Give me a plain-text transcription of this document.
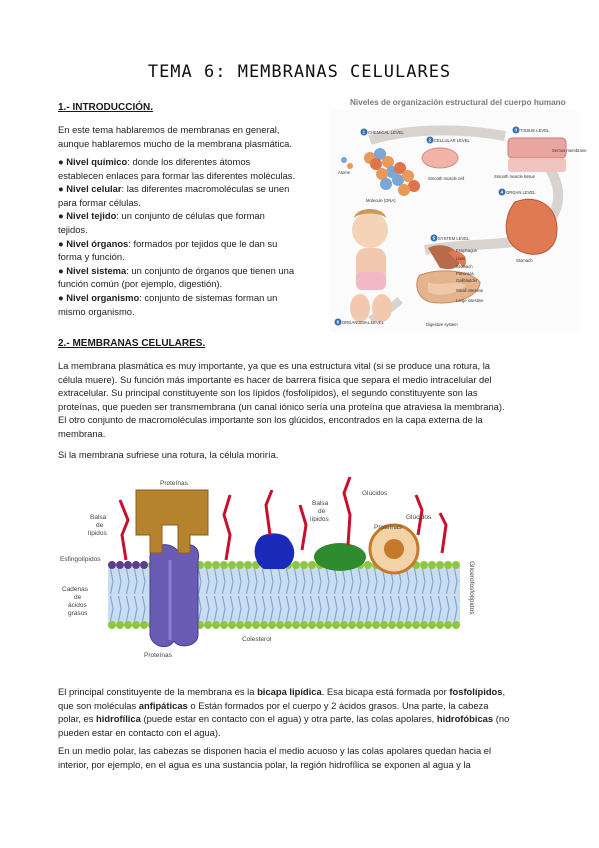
TEMA 6: MEMBRANAS CELULARES
1.- INTRODUCCIÓN.
En este tema hablaremos de membranas en general,
aunque hablaremos mucho de la membrana plasmática.
● Nivel químico: donde los diferentes átomos
establecen enlaces para formar las diferentes moléculas.
● Nivel celular: las diferentes macromoléculas se unen
para formar células.
● Nivel tejido: un conjunto de células que forman
tejidos.
● Nivel órganos: formados por tejidos que le dan su
forma y función.
● Nivel sistema: un conjunto de órganos que tienen una
función común (por ejemplo, digestión).
● Nivel organismo: conjunto de sistemas forman un
mismo organismo.
Niveles de organización estructural del cuerpo humano
CHEMICAL LEVEL
CELLULAR LEVEL
TISSUE LEVEL
ORGAN LEVEL
SYSTEM LEVEL
ORGANISMAL LEVEL
Atoms
Molecule (DNA)
Smooth muscle cell	Smooth muscle tissue
Serous membrane
Stomach
Digestive system
Esophagus
Liver
Stomach
Pancreas
Gallbladder
Small intestine
Large intestine
1
2
3
4
5
6
2.- MEMBRANAS CELULARES.
La membrana plasmática es muy importante, ya que es una estructura vital (si se produce una rotura, la
célula muere). Su función más importante es hacer de barrera física que separa el medio intracelular del
extracelular. Su principal constituyente son los lípidos (fosfolípidos), el segundo constituyente son las
proteínas, que pueden ser transmembrana (un canal iónico sería una proteína que atraviesa la membrana).
El otro conjunto de macromoléculas importante son los glúcidos, encontrados en la capa externa de la
membrana.
Si la membrana sufriese una rotura, la célula moriría.
Proteínas
Balsa
de
lípidos
Balsa
de
lípidos
Glúcidos
Glúcidos
Proteínas
Esfingolípidos
Cadenas
de
ácidos
grasos
Colesterol
Proteínas
Glicerofosfolípidos
El principal constituyente de la membrana es la bicapa lipídica. Esa bicapa está formada por fosfolípidos,
que son moléculas anfipáticas o Están formados por el cuerpo y 2 ácidos grasos. Una parte, la cabeza
polar, es hidrofílica (puede estar en contacto con el agua) y otra parte, las colas apolares, hidrofóbicas (no
pueden estar en contacto con el agua).
En un medio polar, las cabezas se disponen hacia el medio acuoso y las colas apolares quedan hacia el
interior, por ejemplo, en el agua es una sustancia polar, la región hidrofílica se exponen al agua y la
